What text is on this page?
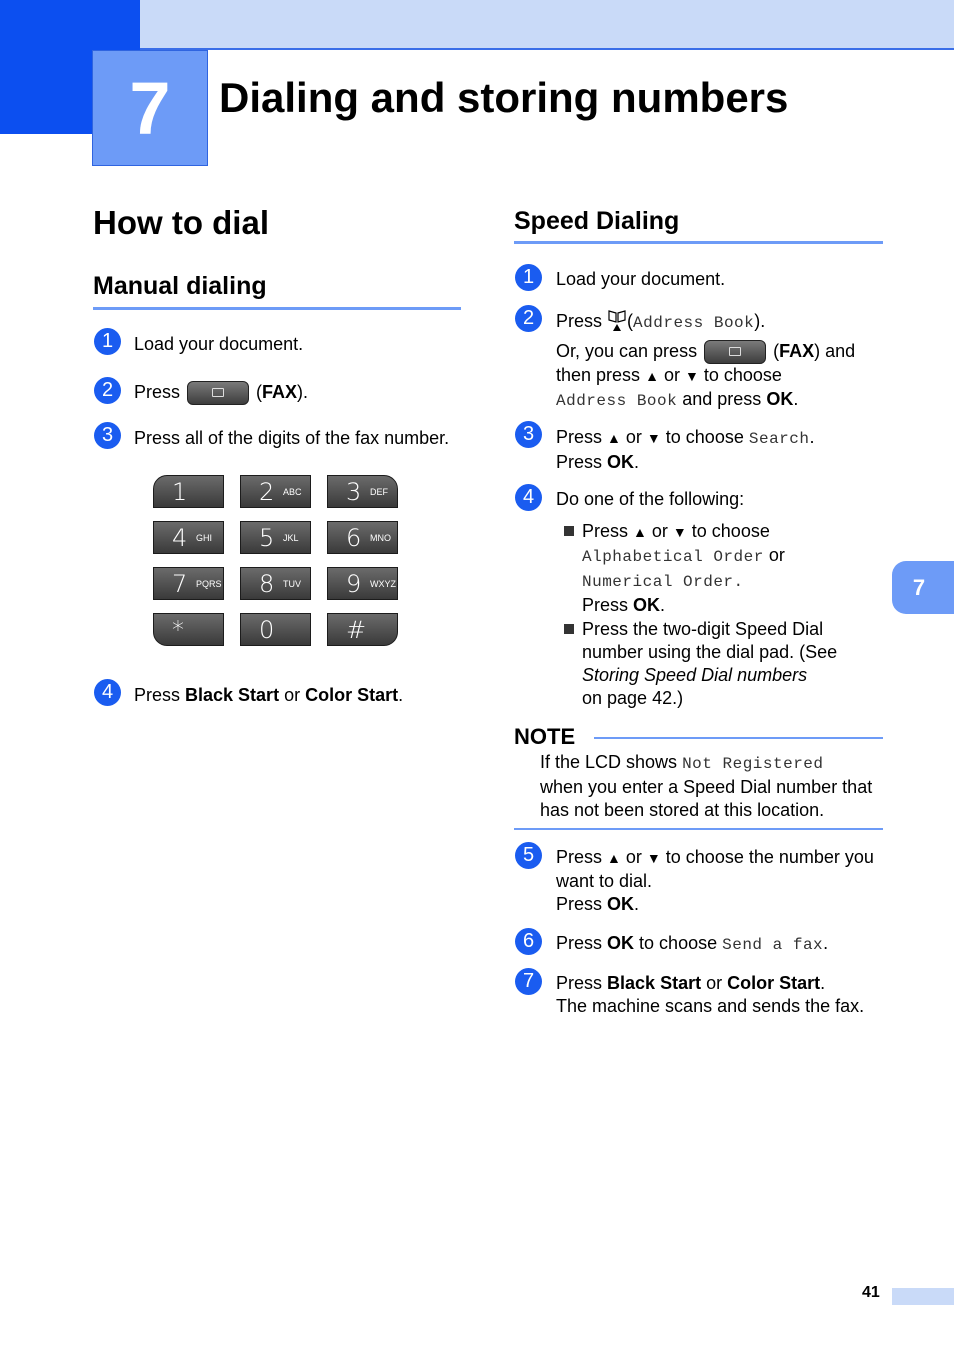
7	Dialing and storing numbers
How to dial
Manual dialing
1	Load your document.
2	Press	(FAX).
3	Press all of the digits of the fax number.
1	2 ABC 3 DEF
4 GHI 5 JKL 6 MNO
7 PQRS 8 TUV 9 WXYZ
*	0	#
4	Press Black Start or Color Start.
Speed Dialing
1	Load your document.
2	Press (Address Book).
Or, you can press	(FAX) and
then press ▲ or ▼ to choose
Address Book and press OK.
3	Press ▲ or ▼ to choose Search.
Press OK.
4	Do one of the following:
Press ▲ or ▼ to choose
Alphabetical Order or
Numerical Order.
Press OK.
Press the two-digit Speed Dial
number using the dial pad. (See
Storing Speed Dial numbers
on page 42.)
7
NOTE
If the LCD shows Not Registered
when you enter a Speed Dial number that
has not been stored at this location.
5	Press ▲ or ▼ to choose the number you
want to dial.
Press OK.
6	Press OK to choose Send a fax.
7	Press Black Start or Color Start.
The machine scans and sends the fax.
41
